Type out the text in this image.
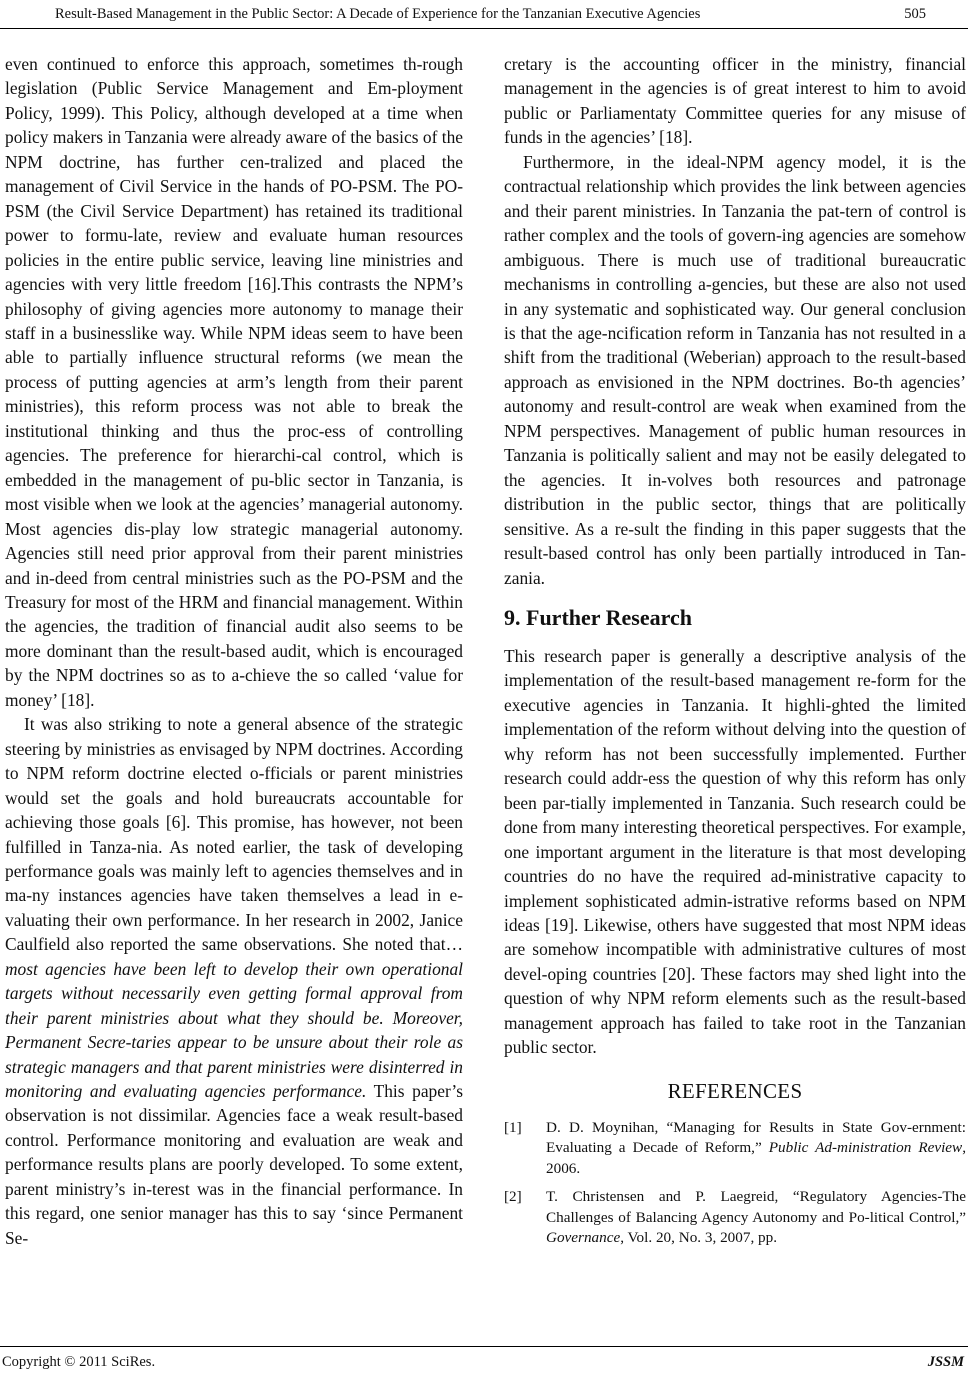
Result-Based Management in the Public Sector: A Decade of Experience for the Tanzanian Executive Agencies	505

even continued to enforce this approach, sometimes th-rough legislation (Public Service Management and Em-ployment Policy, 1999). This Policy, although developed at a time when policy makers in Tanzania were already aware of the basics of the NPM doctrine, has further cen-tralized and placed the management of Civil Service in the hands of PO-PSM. The PO-PSM (the Civil Service Department) has retained its traditional power to formu-late, review and evaluate human resources policies in the entire public service, leaving line ministries and agencies with very little freedom [16].This contrasts the NPM’s philosophy of giving agencies more autonomy to manage their staff in a businesslike way. While NPM ideas seem to have been able to partially influence structural reforms (we mean the process of putting agencies at arm’s length from their parent ministries), this reform process was not able to break the institutional thinking and thus the proc-ess of controlling agencies. The preference for hierarchi-cal control, which is embedded in the management of pu-blic sector in Tanzania, is most visible when we look at the agencies’ managerial autonomy. Most agencies dis-play low strategic managerial autonomy. Agencies still need prior approval from their parent ministries and in-deed from central ministries such as the PO-PSM and the Treasury for most of the HRM and financial management. Within the agencies, the tradition of financial audit also seems to be more dominant than the result-based audit, which is encouraged by the NPM doctrines so as to a-chieve the so called ‘value for money’ [18].

It was also striking to note a general absence of the strategic steering by ministries as envisaged by NPM doctrines. According to NPM reform doctrine elected o-fficials or parent ministries would set the goals and hold bureaucrats accountable for achieving those goals [6]. This promise, has however, not been fulfilled in Tanza-nia. As noted earlier, the task of developing performance goals was mainly left to agencies themselves and in ma-ny instances agencies have taken themselves a lead in e-valuating their own performance. In her research in 2002, Janice Caulfield also reported the same observations. She noted that… most agencies have been left to develop their own operational targets without necessarily even getting formal approval from their parent ministries about what they should be. Moreover, Permanent Secre-taries appear to be unsure about their role as strategic managers and that parent ministries were disinterred in monitoring and evaluating agencies performance. This paper’s observation is not dissimilar. Agencies face a weak result-based control. Performance monitoring and evaluation are weak and performance results plans are poorly developed. To some extent, parent ministry’s in-terest was in the financial performance. In this regard, one senior manager has this to say ‘since Permanent Se-

cretary is the accounting officer in the ministry, financial management in the agencies is of great interest to him to avoid public or Parliamentaty Committee queries for any misuse of funds in the agencies’ [18].

Furthermore, in the ideal-NPM agency model, it is the contractual relationship which provides the link between agencies and their parent ministries. In Tanzania the pat-tern of control is rather complex and the tools of govern-ing agencies are somehow ambiguous. There is much use of traditional bureaucratic mechanisms in controlling a-gencies, but these are also not used in any systematic and sophisticated way. Our general conclusion is that the age-ncification reform in Tanzania has not resulted in a shift from the traditional (Weberian) approach to the result-based approach as envisioned in the NPM doctrines. Bo-th agencies’ autonomy and result-control are weak when examined from the NPM perspectives. Management of public human resources in Tanzania is politically salient and may not be easily delegated to the agencies. It in-volves both resources and patronage distribution in the public sector, things that are politically sensitive. As a re-sult the finding in this paper suggests that the result-based control has only been partially introduced in Tan-zania.

9. Further Research

This research paper is generally a descriptive analysis of the implementation of the result-based management re-form for the executive agencies in Tanzania. It highli-ghted the limited implementation of the reform without delving into the question of why reform has not been successfully implemented. Further research could addr-ess the question of why this reform has only been par-tially implemented in Tanzania. Such research could be done from many interesting theoretical perspectives. For example, one important argument in the literature is that most developing countries do no have the required ad-ministrative capacity to implement sophisticated admin-istrative reforms based on NPM ideas [19]. Likewise, others have suggested that most NPM ideas are somehow incompatible with administrative cultures of most devel-oping countries [20]. These factors may shed light into the question of why NPM reform elements such as the result-based management approach has failed to take root in the Tanzanian public sector.

REFERENCES
[1]	D. D. Moynihan, “Managing for Results in State Gov-ernment: Evaluating a Decade of Reform,” Public Ad-ministration Review, 2006.
[2]	T. Christensen and P. Laegreid, “Regulatory Agencies-The Challenges of Balancing Agency Autonomy and Po-litical Control,” Governance, Vol. 20, No. 3, 2007, pp.
Copyright © 2011 SciRes.	JSSM
